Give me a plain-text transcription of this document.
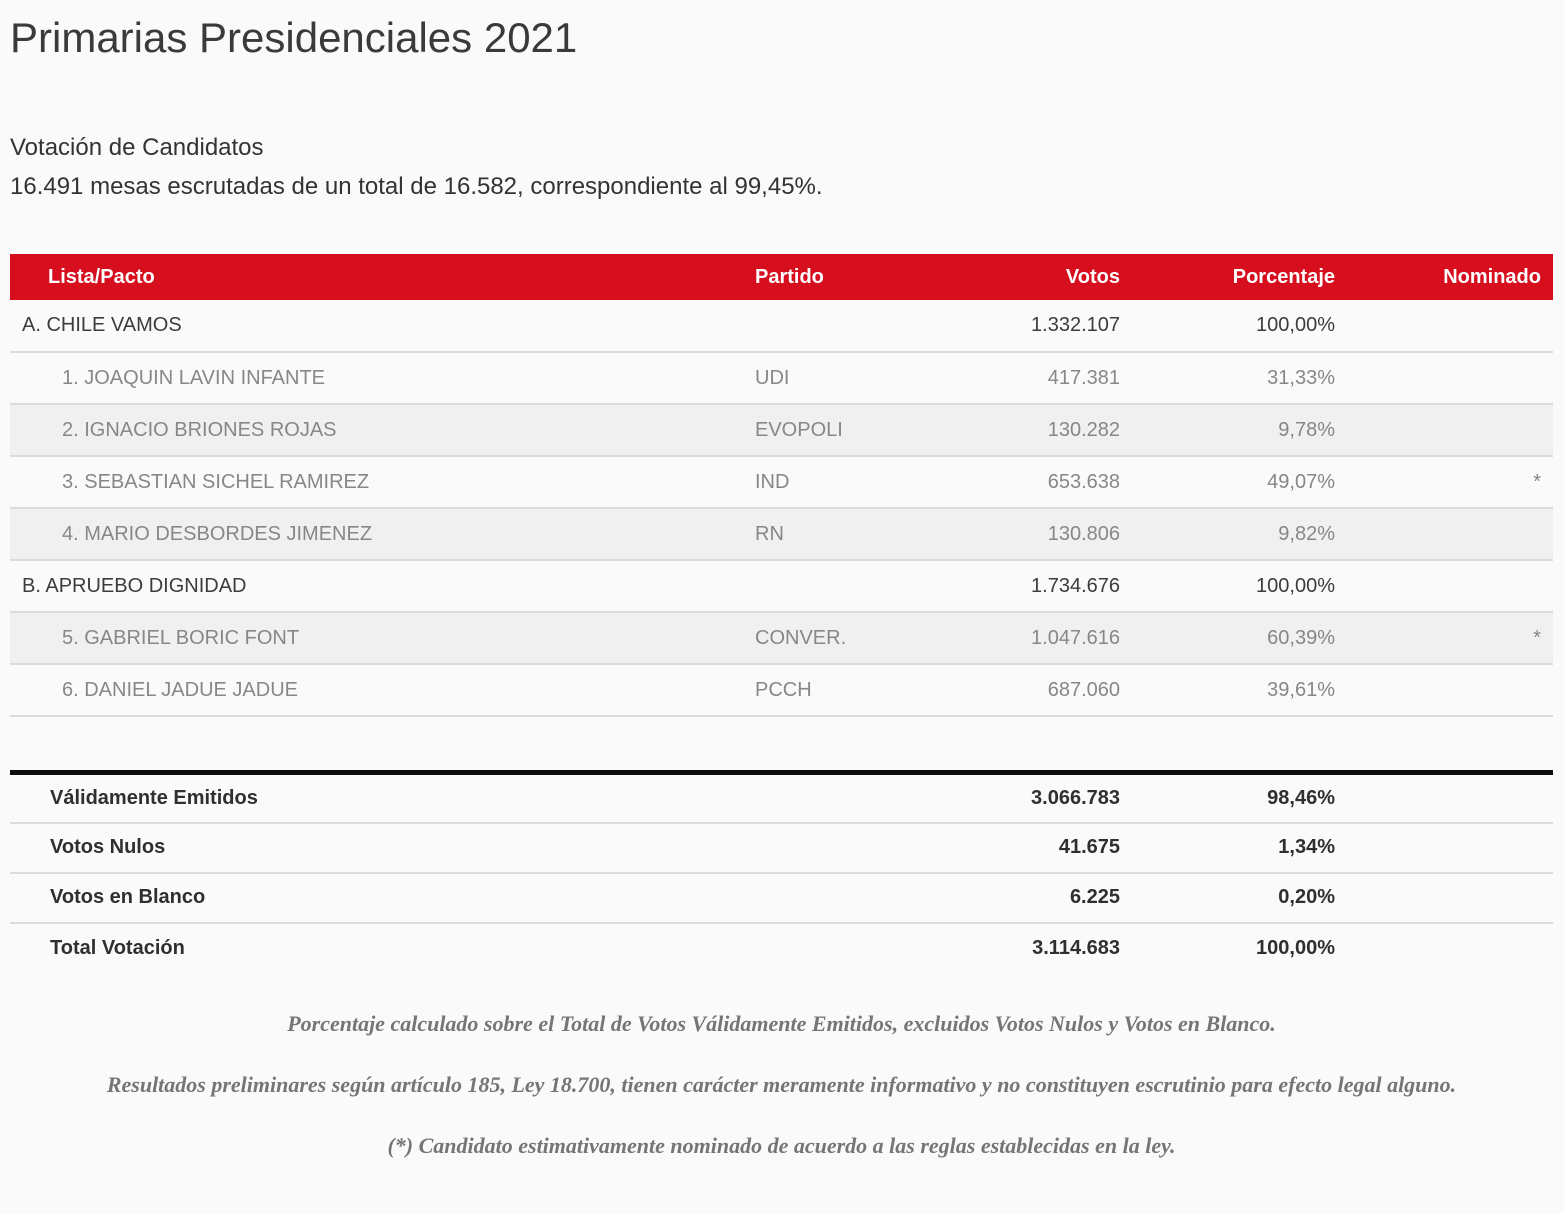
Primarias Presidenciales 2021
Votación de Candidatos
16.491 mesas escrutadas de un total de 16.582, correspondiente al 99,45%.
Lista/Pacto	Partido	Votos	Porcentaje	Nominado
A. CHILE VAMOS		1.332.107	100,00%	
1. JOAQUIN LAVIN INFANTE	UDI	417.381	31,33%	
2. IGNACIO BRIONES ROJAS	EVOPOLI	130.282	9,78%	
3. SEBASTIAN SICHEL RAMIREZ	IND	653.638	49,07%	*
4. MARIO DESBORDES JIMENEZ	RN	130.806	9,82%	
B. APRUEBO DIGNIDAD		1.734.676	100,00%	
5. GABRIEL BORIC FONT	CONVER.	1.047.616	60,39%	*
6. DANIEL JADUE JADUE	PCCH	687.060	39,61%	

Válidamente Emitidos		3.066.783	98,46%	
Votos Nulos		41.675	1,34%	
Votos en Blanco		6.225	0,20%	
Total Votación		3.114.683	100,00%	

Porcentaje calculado sobre el Total de Votos Válidamente Emitidos, excluidos Votos Nulos y Votos en Blanco.

Resultados preliminares según artículo 185, Ley 18.700, tienen carácter meramente informativo y no constituyen escrutinio para efecto legal alguno.

(*) Candidato estimativamente nominado de acuerdo a las reglas establecidas en la ley.
